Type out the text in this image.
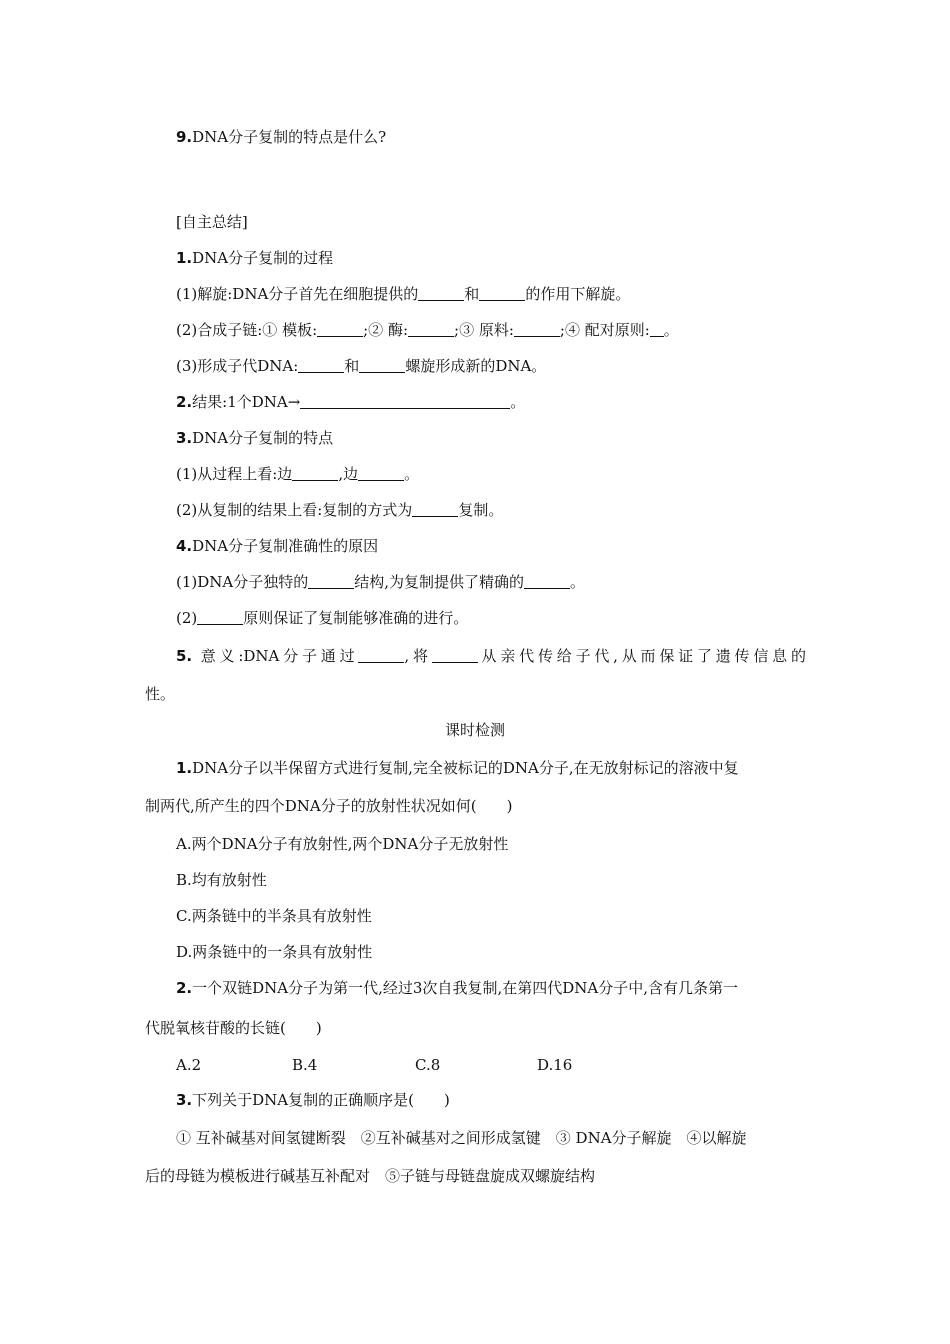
9.DNA分子复制的特点是什么?
[自主总结]
1.DNA分子复制的过程
(1)解旋:DNA分子首先在细胞提供的	和	的作用下解旋。
(2)合成子链:① 模板:	;② 酶:	;③ 原料:	;④ 配对原则: 。
(3)形成子代DNA:	和	螺旋形成新的DNA。
2.结果:1个DNA→	。
3.DNA分子复制的特点
(1)从过程上看:边	,边	。
(2)从复制的结果上看:复制的方式为	复制。
4.DNA分子复制准确性的原因
(1)DNA分子独特的	结构,为复制提供了精确的	。
(2)	原则保证了复制能够准确的进行。
5. 意义:DNA分子通过	,将	从亲代传给子代,从而保证了遗传信息的
性。
课时检测
1.DNA分子以半保留方式进行复制,完全被标记的DNA分子,在无放射标记的溶液中复
制两代,所产生的四个DNA分子的放射性状况如何(　　)
A.两个DNA分子有放射性,两个DNA分子无放射性
B.均有放射性
C.两条链中的半条具有放射性
D.两条链中的一条具有放射性
2.一个双链DNA分子为第一代,经过3次自我复制,在第四代DNA分子中,含有几条第一
代脱氧核苷酸的长链(　　)
A.2	B.4	C.8	D.16
3.下列关于DNA复制的正确顺序是(　　)
① 互补碱基对间氢键断裂　②互补碱基对之间形成氢键　③ DNA分子解旋　④以解旋
后的母链为模板进行碱基互补配对　⑤子链与母链盘旋成双螺旋结构
